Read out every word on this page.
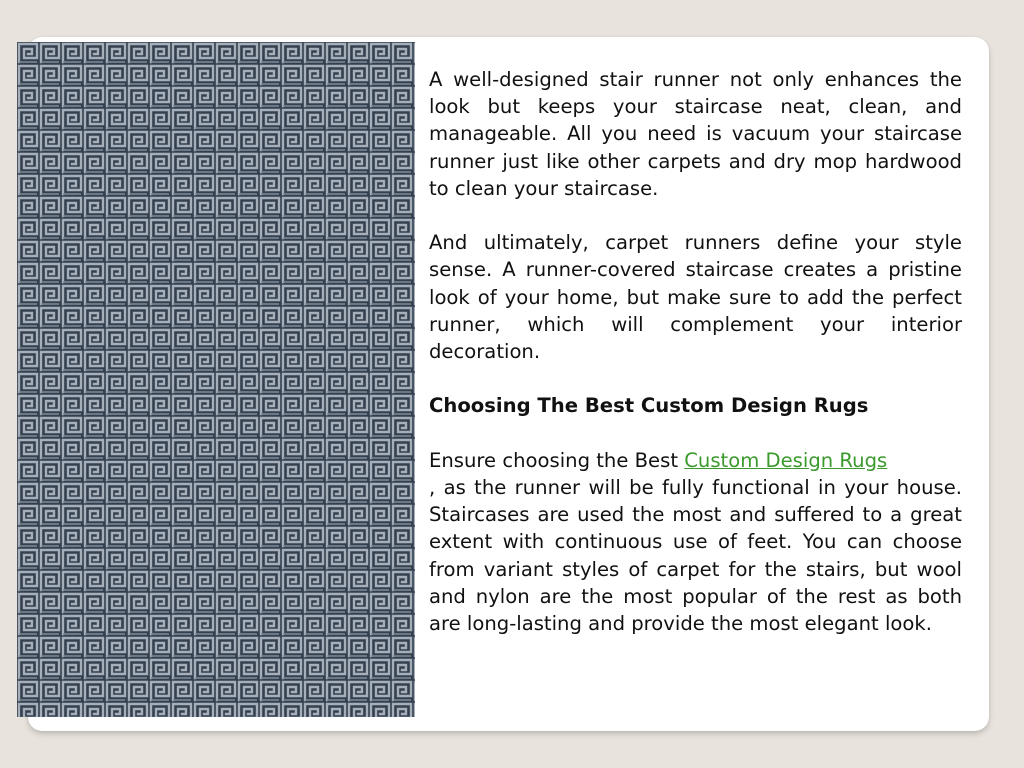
A well-designed stair runner not only enhances the look but keeps your staircase neat, clean, and manageable. All you need is vacuum your staircase runner just like other carpets and dry mop hardwood to clean your staircase.

And ultimately, carpet runners define your style sense. A runner-covered staircase creates a pristine look of your home, but make sure to add the perfect runner, which will complement your interior decoration.

Choosing The Best Custom Design Rugs

Ensure choosing the Best Custom Design Rugs
, as the runner will be fully functional in your house. Staircases are used the most and suffered to a great extent with continuous use of feet. You can choose from variant styles of carpet for the stairs, but wool and nylon are the most popular of the rest as both are long-lasting and provide the most elegant look.
